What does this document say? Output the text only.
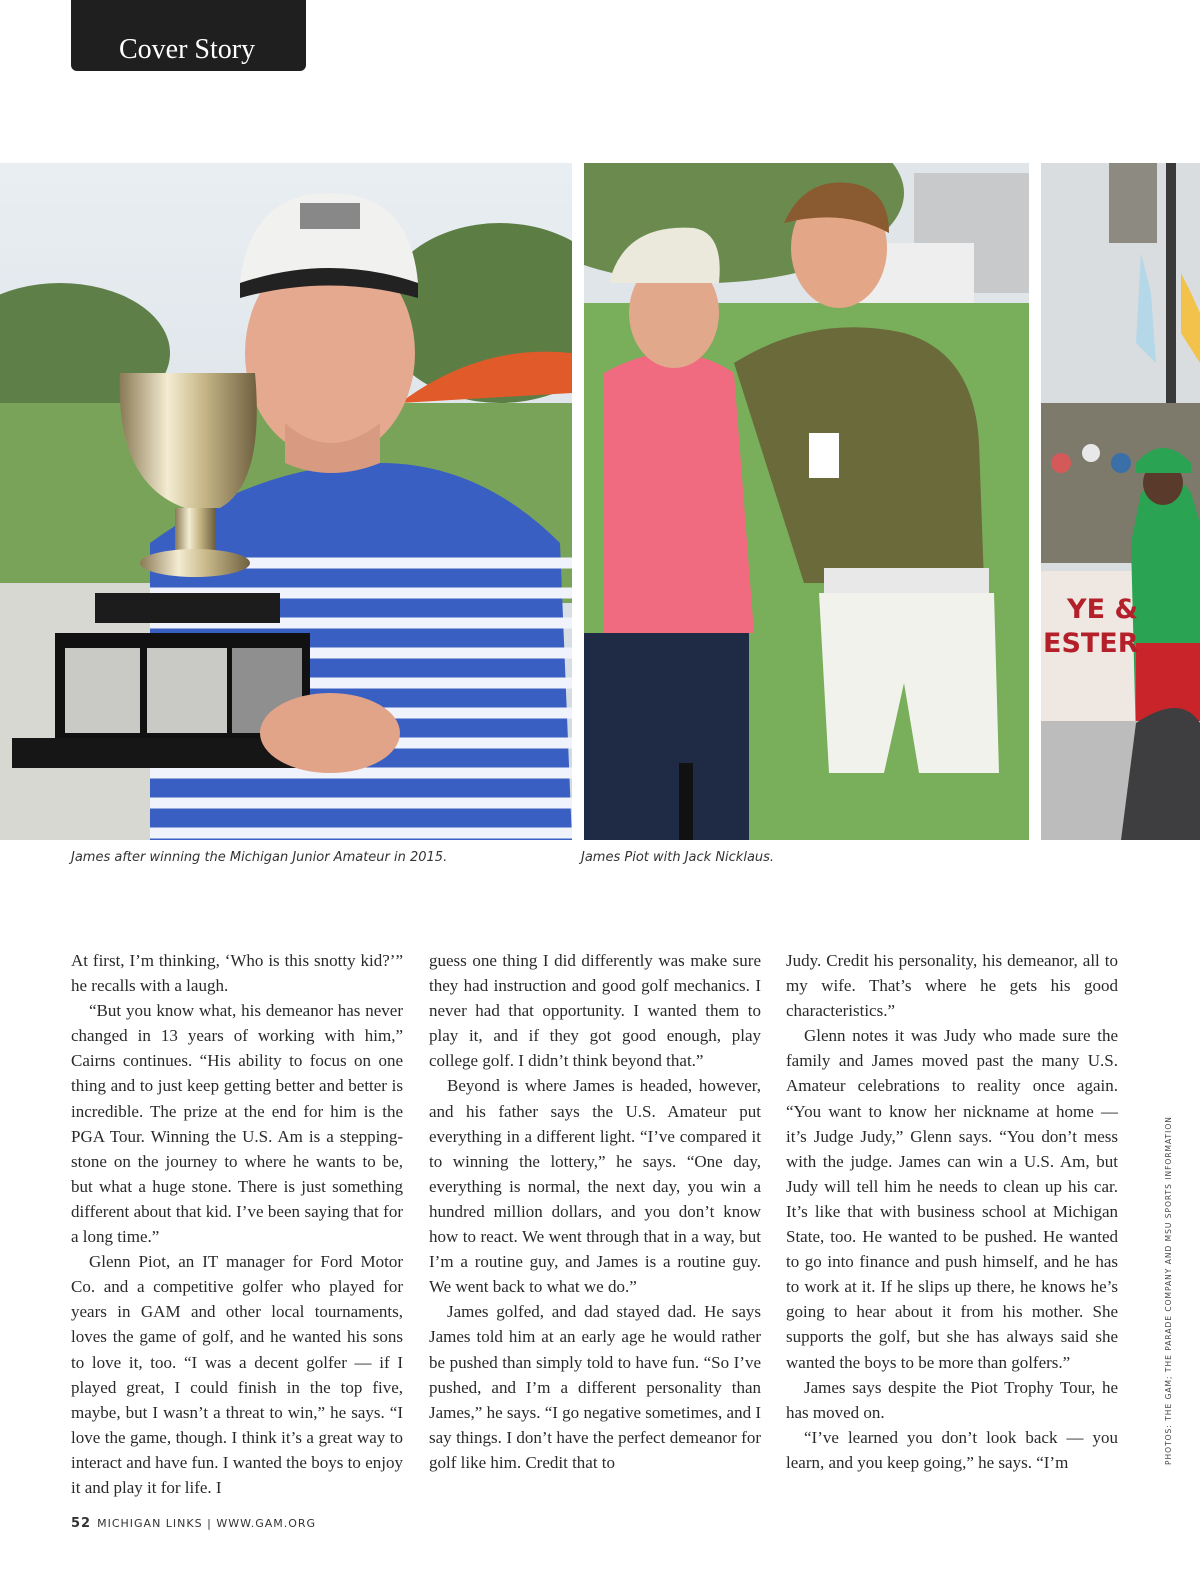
Cover Story
YE &
ESTER
James after winning the Michigan Junior Amateur in 2015.	James Piot with Jack Nicklaus.

At first, I’m thinking, ‘Who is this snotty kid?’” he recalls with a laugh.

“But you know what, his demeanor has never changed in 13 years of working with him,” Cairns continues. “His ability to focus on one thing and to just keep getting better and better is incredible. The prize at the end for him is the PGA Tour. Winning the U.S. Am is a stepping-stone on the journey to where he wants to be, but what a huge stone. There is just something different about that kid. I’ve been saying that for a long time.”

Glenn Piot, an IT manager for Ford Motor Co. and a competitive golfer who played for years in GAM and other local tournaments, loves the game of golf, and he wanted his sons to love it, too. “I was a decent golfer — if I played great, I could finish in the top five, maybe, but I wasn’t a threat to win,” he says. “I love the game, though. I think it’s a great way to interact and have fun. I wanted the boys to enjoy it and play it for life. I

guess one thing I did differently was make sure they had instruction and good golf mechanics. I never had that opportunity. I wanted them to play it, and if they got good enough, play college golf. I didn’t think beyond that.”

Beyond is where James is headed, however, and his father says the U.S. Amateur put everything in a different light. “I’ve compared it to winning the lottery,” he says. “One day, everything is normal, the next day, you win a hundred million dollars, and you don’t know how to react. We went through that in a way, but I’m a routine guy, and James is a routine guy. We went back to what we do.”

James golfed, and dad stayed dad. He says James told him at an early age he would rather be pushed than simply told to have fun. “So I’ve pushed, and I’m a different personality than James,” he says. “I go negative sometimes, and I say things. I don’t have the perfect demeanor for golf like him. Credit that to

Judy. Credit his personality, his demeanor, all to my wife. That’s where he gets his good characteristics.”

Glenn notes it was Judy who made sure the family and James moved past the many U.S. Amateur celebrations to reality once again. “You want to know her nickname at home — it’s Judge Judy,” Glenn says. “You don’t mess with the judge. James can win a U.S. Am, but Judy will tell him he needs to clean up his car. It’s like that with business school at Michigan State, too. He wanted to be pushed. He wanted to go into finance and push himself, and he has to work at it. If he slips up there, he knows he’s going to hear about it from his mother. She supports the golf, but she has always said she wanted the boys to be more than golfers.”

James says despite the Piot Trophy Tour, he has moved on.

“I’ve learned you don’t look back — you learn, and you keep going,” he says. “I’m	PHOTOS: THE GAM; THE PARADE COMPANY AND MSU SPORTS INFORMATION
52 MICHIGAN LINKS | WWW.GAM.ORG
